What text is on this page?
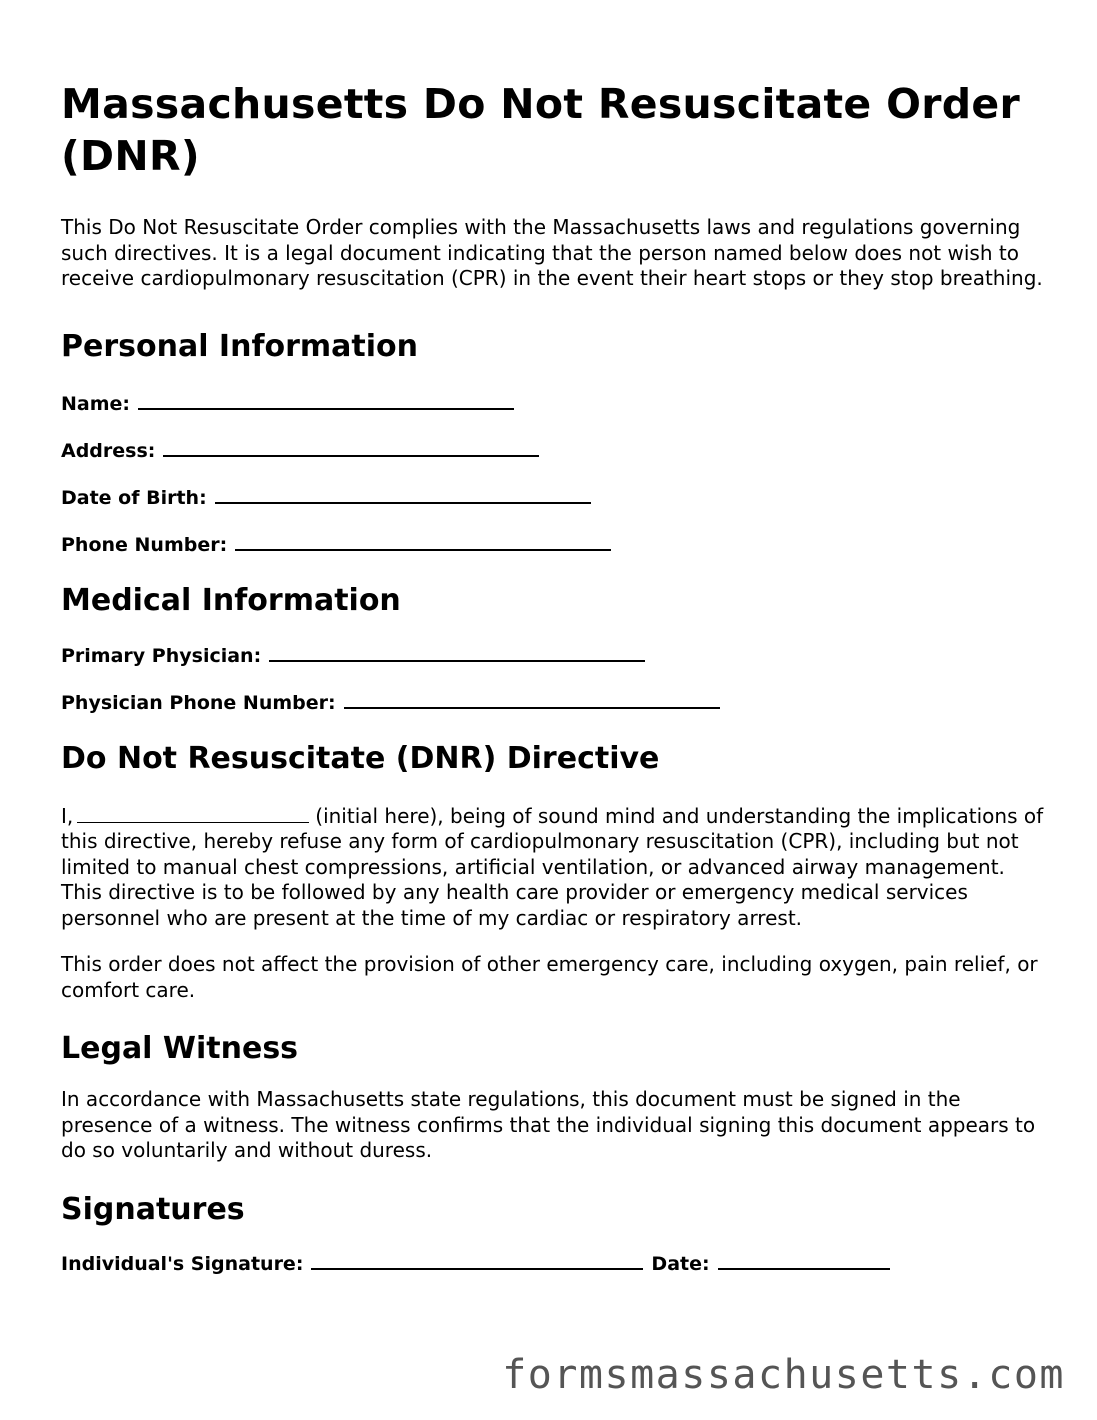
Massachusetts Do Not Resuscitate Order (DNR)

This Do Not Resuscitate Order complies with the Massachusetts laws and regulations governing such directives. It is a legal document indicating that the person named below does not wish to receive cardiopulmonary resuscitation (CPR) in the event their heart stops or they stop breathing.

Personal Information
Name:
Address:
Date of Birth:
Phone Number:
Medical Information
Primary Physician:
Physician Phone Number:
Do Not Resuscitate (DNR) Directive

I,	(initial here), being of sound mind and understanding the implications of this directive, hereby refuse any form of cardiopulmonary resuscitation (CPR), including but not limited to manual chest compressions, artificial ventilation, or advanced airway management. This directive is to be followed by any health care provider or emergency medical services personnel who are present at the time of my cardiac or respiratory arrest.

This order does not affect the provision of other emergency care, including oxygen, pain relief, or comfort care.

Legal Witness

In accordance with Massachusetts state regulations, this document must be signed in the presence of a witness. The witness confirms that the individual signing this document appears to do so voluntarily and without duress.

Signatures
Individual's Signature:	Date:
formsmassachusetts.com
